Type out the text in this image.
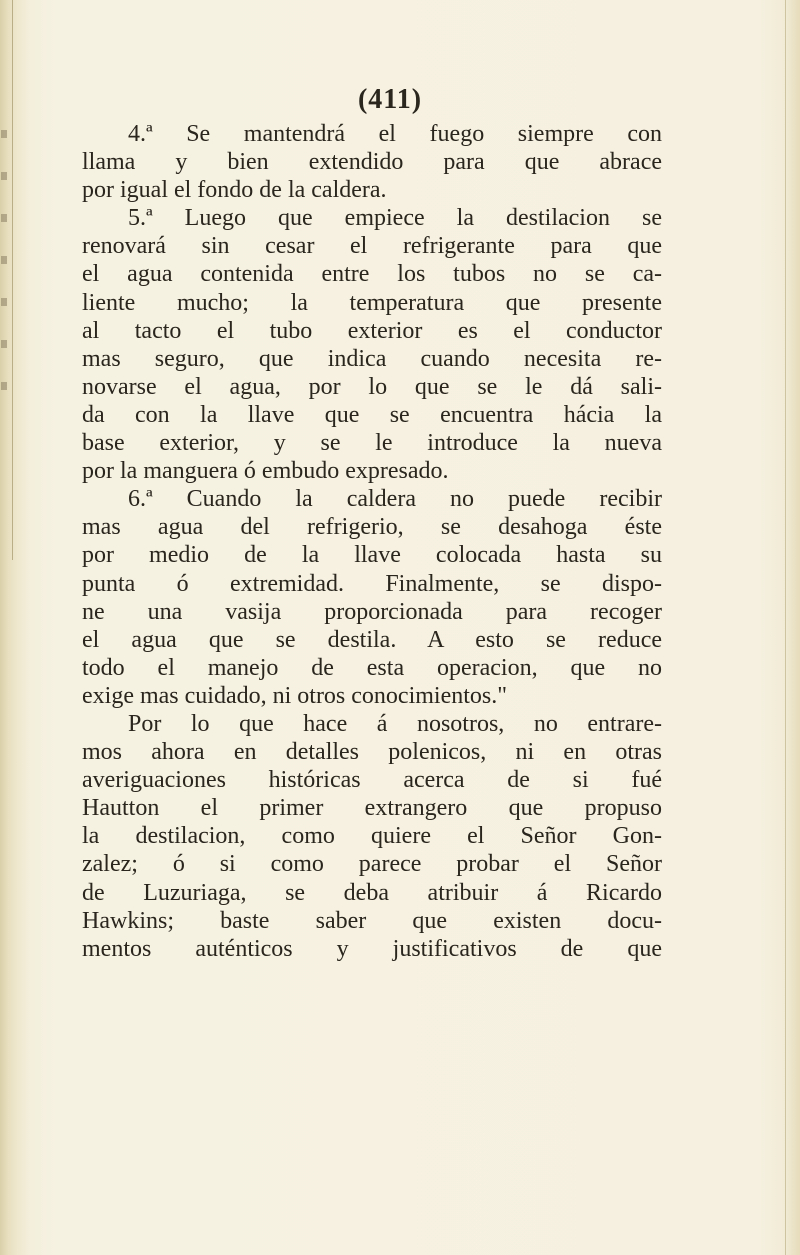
(411)
4.ª Se mantendrá el fuego siempre con
llama y bien extendido para que abrace
por igual el fondo de la caldera.
5.ª Luego que empiece la destilacion se
renovará sin cesar el refrigerante para que
el agua contenida entre los tubos no se ca-
liente mucho; la temperatura que presente
al tacto el tubo exterior es el conductor
mas seguro, que indica cuando necesita re-
novarse el agua, por lo que se le dá sali-
da con la llave que se encuentra hácia la
base exterior, y se le introduce la nueva
por la manguera ó embudo expresado.
6.ª Cuando la caldera no puede recibir
mas agua del refrigerio, se desahoga éste
por medio de la llave colocada hasta su
punta ó extremidad. Finalmente, se dispo-
ne una vasija proporcionada para recoger
el agua que se destila. A esto se reduce
todo el manejo de esta operacion, que no
exige mas cuidado, ni otros conocimientos."
Por lo que hace á nosotros, no entrare-
mos ahora en detalles polenicos, ni en otras
averiguaciones históricas acerca de si fué
Hautton el primer extrangero que propuso
la destilacion, como quiere el Señor Gon-
zalez; ó si como parece probar el Señor
de Luzuriaga, se deba atribuir á Ricardo
Hawkins; baste saber que existen docu-
mentos auténticos y justificativos de que
